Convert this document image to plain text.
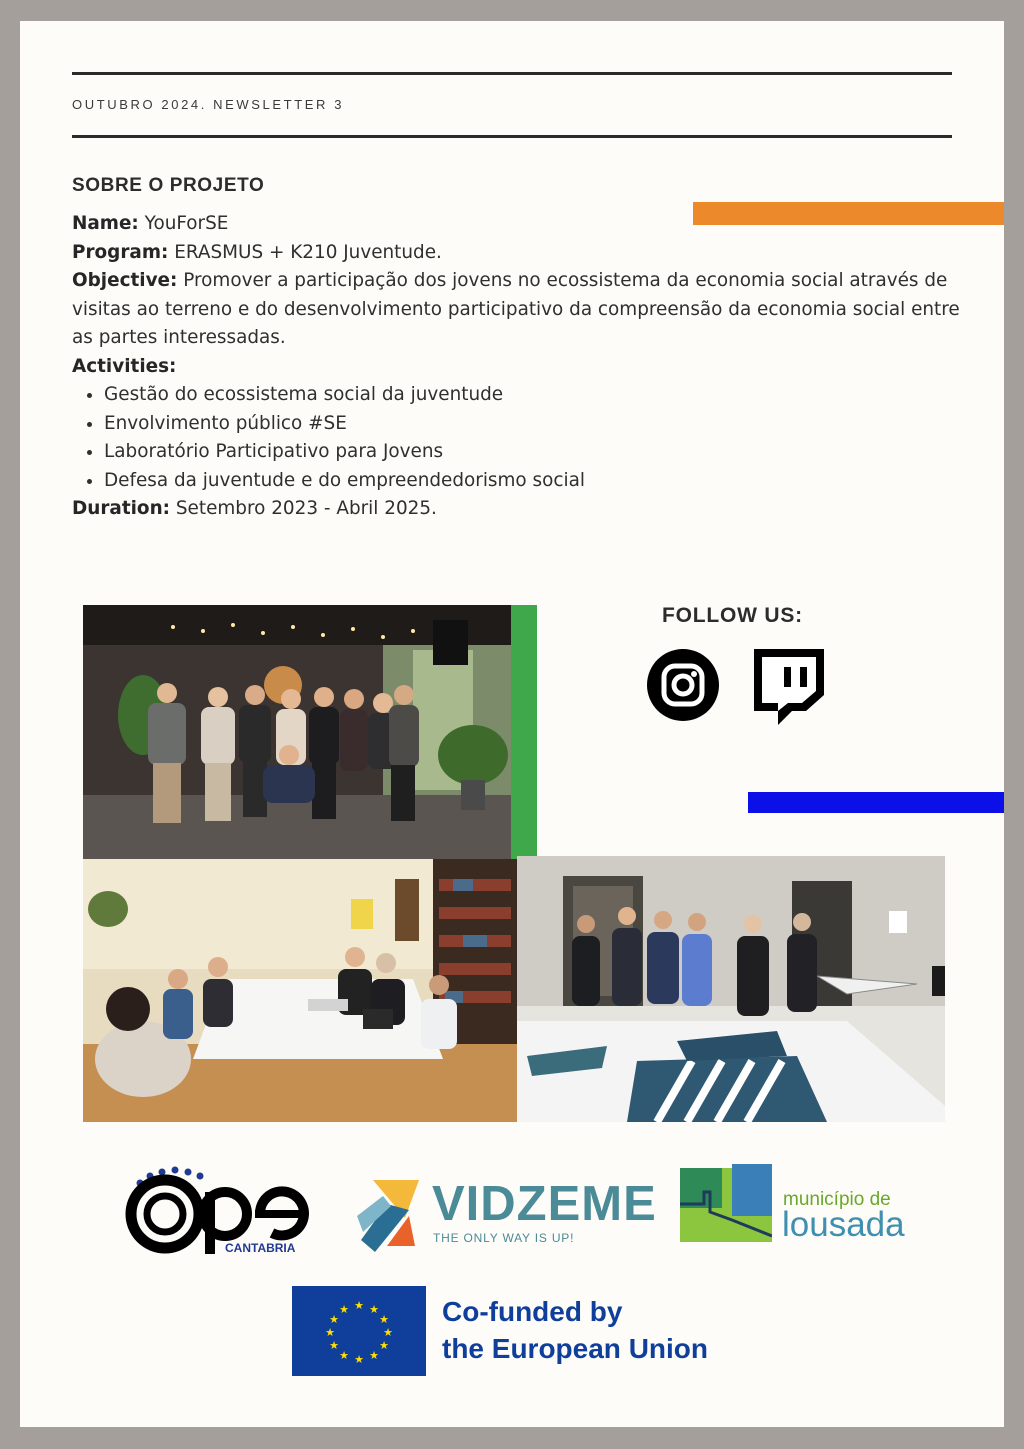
OUTUBRO 2024. NEWSLETTER 3
SOBRE O PROJETO

Name: YouForSE

Program: ERASMUS + K210 Juventude.

Objective: Promover a participação dos jovens no ecossistema da economia social através de visitas ao terreno e do desenvolvimento participativo da compreensão da economia social entre as partes interessadas.

Activities:

• Gestão do ecossistema social da juventude
• Envolvimento público #SE
• Laboratório Participativo para Jovens
• Defesa da juventude e do empreendedorismo social

Duration: Setembro 2023 - Abril 2025.

FOLLOW US:
CANTABRIA
VIDZEME
THE ONLY WAY IS UP!
município de
lousada
★ ★
★
★
★
★
★
★
★
★
★
★	Co-funded by
the European Union
